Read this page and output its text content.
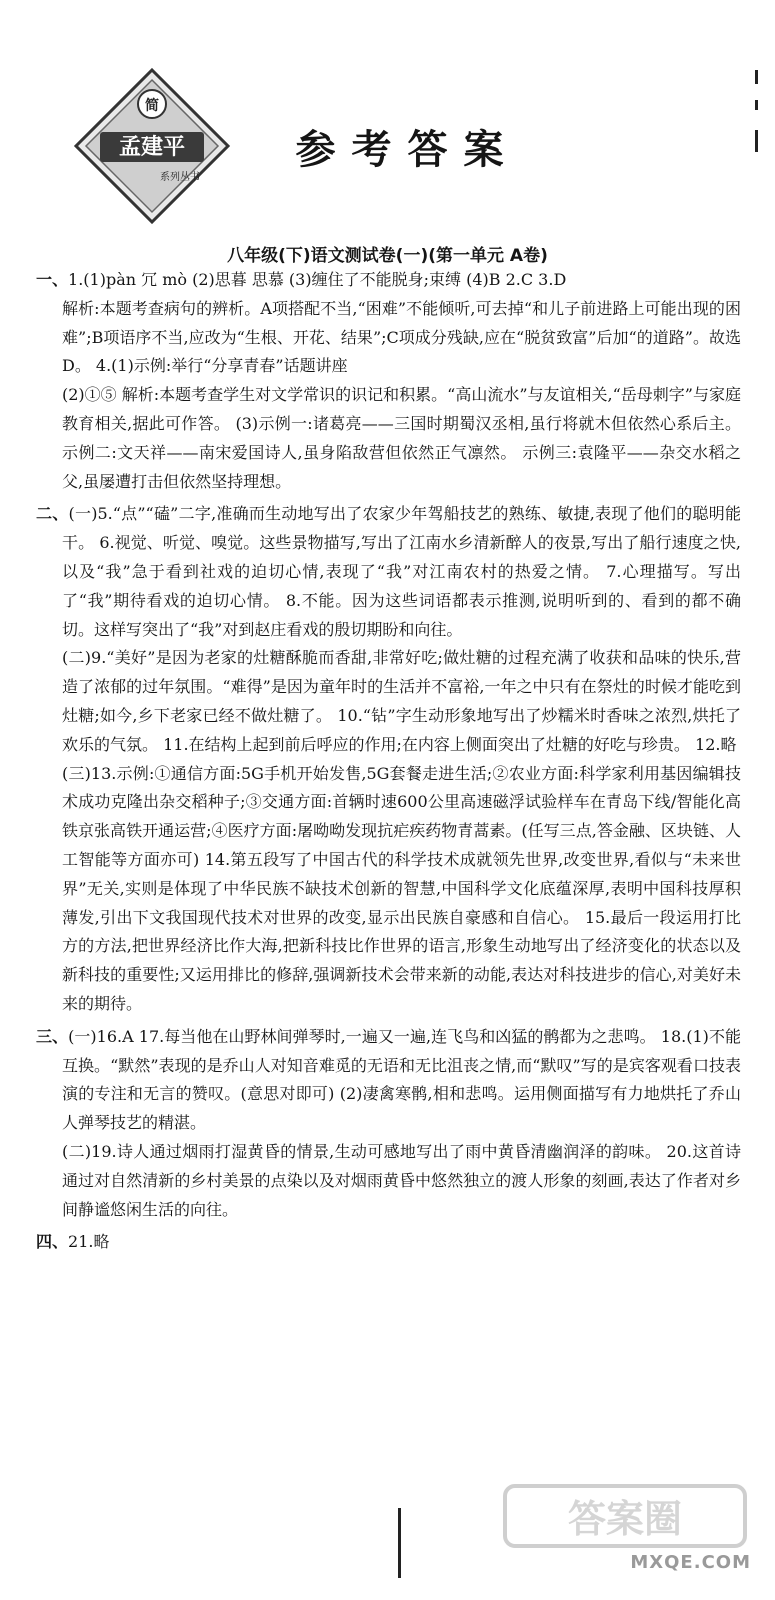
简
孟建平
系列丛书
参考答案
八年级(下)语文测试卷(一)(第一单元 A卷)
一、1.(1)pàn 冗 mò (2)思暮 思慕 (3)缠住了不能脱身;束缚 (4)B 2.C 3.D
解析:本题考查病句的辨析。A项搭配不当,“困难”不能倾听,可去掉“和儿子前进路上可能出现的困难”;B项语序不当,应改为“生根、开花、结果”;C项成分残缺,应在“脱贫致富”后加“的道路”。故选D。 4.(1)示例:举行“分享青春”话题讲座
(2)①⑤ 解析:本题考查学生对文学常识的识记和积累。“高山流水”与友谊相关,“岳母刺字”与家庭教育相关,据此可作答。 (3)示例一:诸葛亮——三国时期蜀汉丞相,虽行将就木但依然心系后主。 示例二:文天祥——南宋爱国诗人,虽身陷敌营但依然正气凛然。 示例三:袁隆平——杂交水稻之父,虽屡遭打击但依然坚持理想。
二、(一)5.“点”“磕”二字,准确而生动地写出了农家少年驾船技艺的熟练、敏捷,表现了他们的聪明能干。 6.视觉、听觉、嗅觉。这些景物描写,写出了江南水乡清新醉人的夜景,写出了船行速度之快,以及“我”急于看到社戏的迫切心情,表现了“我”对江南农村的热爱之情。 7.心理描写。写出了“我”期待看戏的迫切心情。 8.不能。因为这些词语都表示推测,说明听到的、看到的都不确切。这样写突出了“我”对到赵庄看戏的殷切期盼和向往。
(二)9.“美好”是因为老家的灶糖酥脆而香甜,非常好吃;做灶糖的过程充满了收获和品味的快乐,营造了浓郁的过年氛围。“难得”是因为童年时的生活并不富裕,一年之中只有在祭灶的时候才能吃到灶糖;如今,乡下老家已经不做灶糖了。 10.“钻”字生动形象地写出了炒糯米时香味之浓烈,烘托了欢乐的气氛。 11.在结构上起到前后呼应的作用;在内容上侧面突出了灶糖的好吃与珍贵。 12.略
(三)13.示例:①通信方面:5G手机开始发售,5G套餐走进生活;②农业方面:科学家利用基因编辑技术成功克隆出杂交稻种子;③交通方面:首辆时速600公里高速磁浮试验样车在青岛下线/智能化高铁京张高铁开通运营;④医疗方面:屠呦呦发现抗疟疾药物青蒿素。(任写三点,答金融、区块链、人工智能等方面亦可) 14.第五段写了中国古代的科学技术成就领先世界,改变世界,看似与“未来世界”无关,实则是体现了中华民族不缺技术创新的智慧,中国科学文化底蕴深厚,表明中国科技厚积薄发,引出下文我国现代技术对世界的改变,显示出民族自豪感和自信心。 15.最后一段运用打比方的方法,把世界经济比作大海,把新科技比作世界的语言,形象生动地写出了经济变化的状态以及新科技的重要性;又运用排比的修辞,强调新技术会带来新的动能,表达对科技进步的信心,对美好未来的期待。
三、(一)16.A 17.每当他在山野林间弹琴时,一遍又一遍,连飞鸟和凶猛的鹘都为之悲鸣。 18.(1)不能互换。“默然”表现的是乔山人对知音难觅的无语和无比沮丧之情,而“默叹”写的是宾客观看口技表演的专注和无言的赞叹。(意思对即可) (2)凄禽寒鹘,相和悲鸣。运用侧面描写有力地烘托了乔山人弹琴技艺的精湛。
(二)19.诗人通过烟雨打湿黄昏的情景,生动可感地写出了雨中黄昏清幽润泽的韵味。 20.这首诗通过对自然清新的乡村美景的点染以及对烟雨黄昏中悠然独立的渡人形象的刻画,表达了作者对乡间静谧悠闲生活的向往。
四、21.略
答案圈
MXQE.COM
